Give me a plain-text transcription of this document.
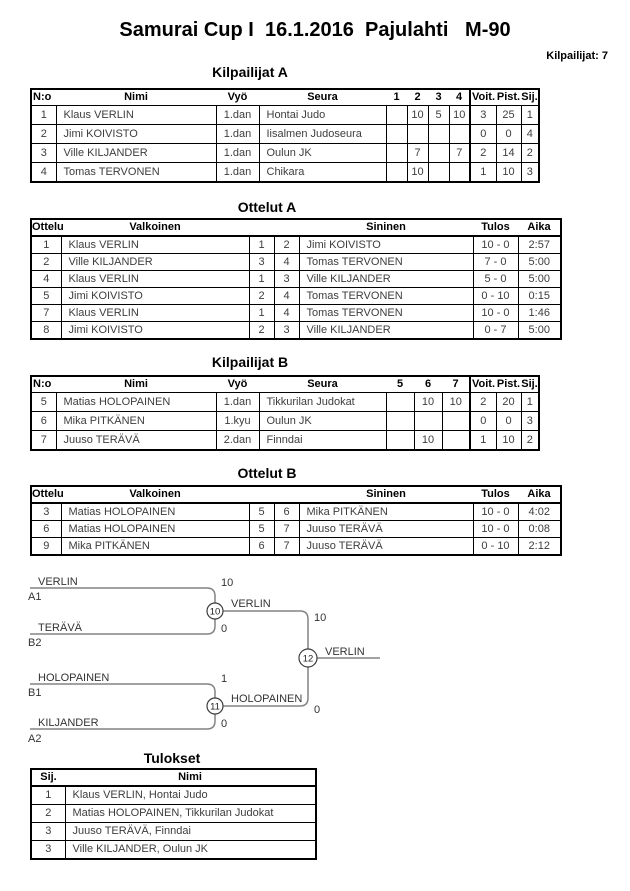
Samurai Cup I  16.1.2016  Pajulahti   M-90
Kilpailijat: 7
Kilpailijat A
N:o	Nimi	Vyö	Seura	1	2	3	4	Voit.	Pist.	Sij.
1	Klaus VERLIN	1.dan	Hontai Judo		10	5	10	3	25	1
2	Jimi KOIVISTO	1.dan	Iisalmen Judoseura					0	0	4
3	Ville KILJANDER	1.dan	Oulun JK		7		7	2	14	2
4	Tomas TERVONEN	1.dan	Chikara		10			1	10	3
Ottelut A
Ottelu	Valkoinen			Sininen	Tulos	Aika
1	Klaus VERLIN	1	2	Jimi KOIVISTO	10 - 0	2:57
2	Ville KILJANDER	3	4	Tomas TERVONEN	7 - 0	5:00
4	Klaus VERLIN	1	3	Ville KILJANDER	5 - 0	5:00
5	Jimi KOIVISTO	2	4	Tomas TERVONEN	0 - 10	0:15
7	Klaus VERLIN	1	4	Tomas TERVONEN	10 - 0	1:46
8	Jimi KOIVISTO	2	3	Ville KILJANDER	0 - 7	5:00
Kilpailijat B
N:o	Nimi	Vyö	Seura	5	6	7	Voit.	Pist.	Sij.
5	Matias HOLOPAINEN	1.dan	Tikkurilan Judokat		10	10	2	20	1
6	Mika PITKÄNEN	1.kyu	Oulun JK				0	0	3
7	Juuso TERÄVÄ	2.dan	Finndai		10		1	10	2
Ottelut B
Ottelu	Valkoinen			Sininen	Tulos	Aika
3	Matias HOLOPAINEN	5	6	Mika PITKÄNEN	10 - 0	4:02
6	Matias HOLOPAINEN	5	7	Juuso TERÄVÄ	10 - 0	0:08
9	Mika PITKÄNEN	6	7	Juuso TERÄVÄ	0 - 10	2:12
VERLIN
A1
10
TERÄVÄ
B2
0
VERLIN
10
HOLOPAINEN
B1
1
KILJANDER
A2
0
HOLOPAINEN
0
VERLIN
10
11
12
Tulokset
Sij.	Nimi
1	Klaus VERLIN, Hontai Judo
2	Matias HOLOPAINEN, Tikkurilan Judokat
3	Juuso TERÄVÄ, Finndai
3	Ville KILJANDER, Oulun JK
